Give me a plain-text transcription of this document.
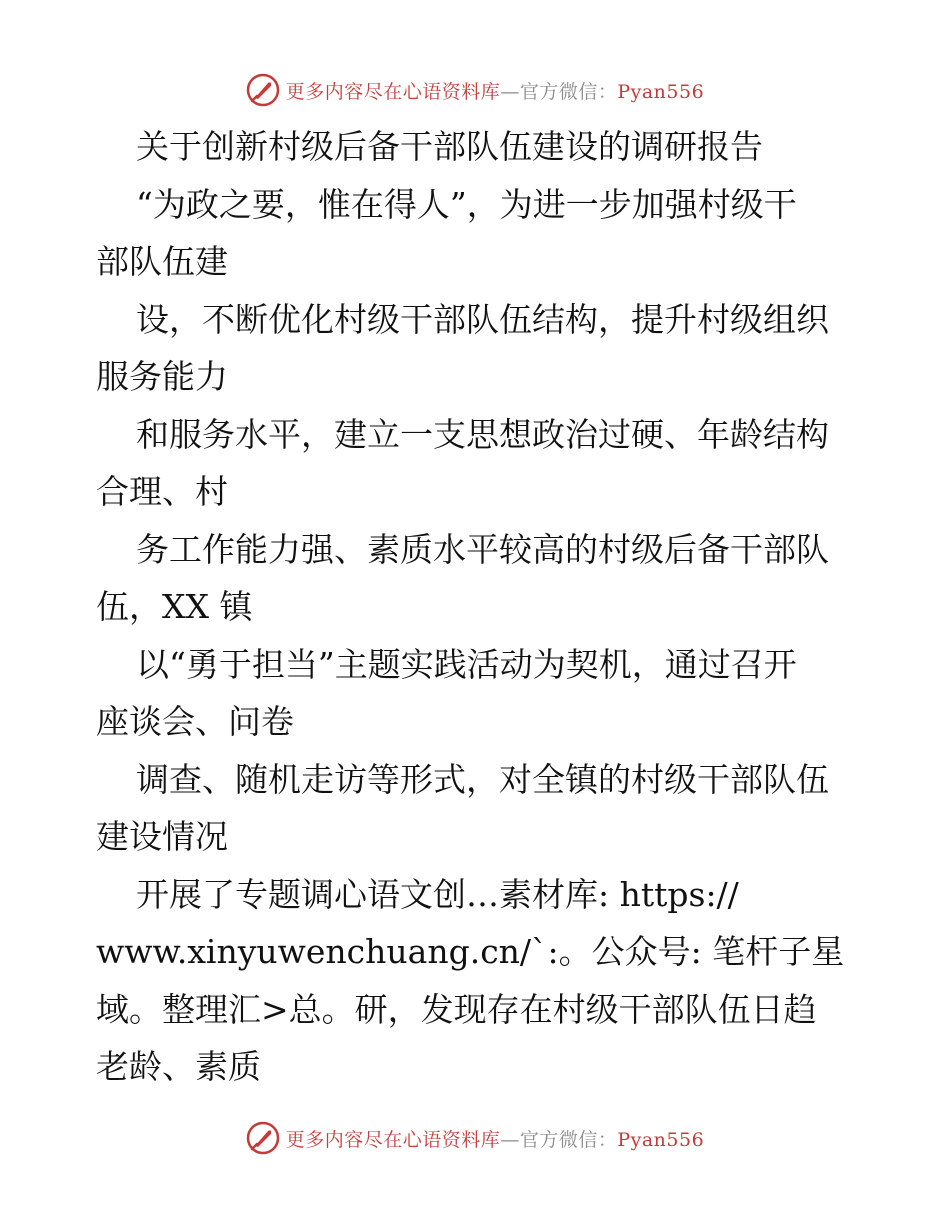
更多内容尽在心语资料库—官方微信：Pyan556
关于创新村级后备干部队伍建设的调研报告
“为政之要，惟在得人”，为进一步加强村级干
部队伍建
设，不断优化村级干部队伍结构，提升村级组织
服务能力
和服务水平，建立一支思想政治过硬、年龄结构
合理、村
务工作能力强、素质水平较高的村级后备干部队
伍，XX 镇
以“勇于担当”主题实践活动为契机，通过召开
座谈会、问卷
调查、随机走访等形式，对全镇的村级干部队伍
建设情况
开展了专题调心语文创…素材库: https://
www.xinyuwenchuang.cn/`:。公众号: 笔杆子星
域。整理汇>总。研，发现存在村级干部队伍日趋
老龄、素质
更多内容尽在心语资料库—官方微信：Pyan556
